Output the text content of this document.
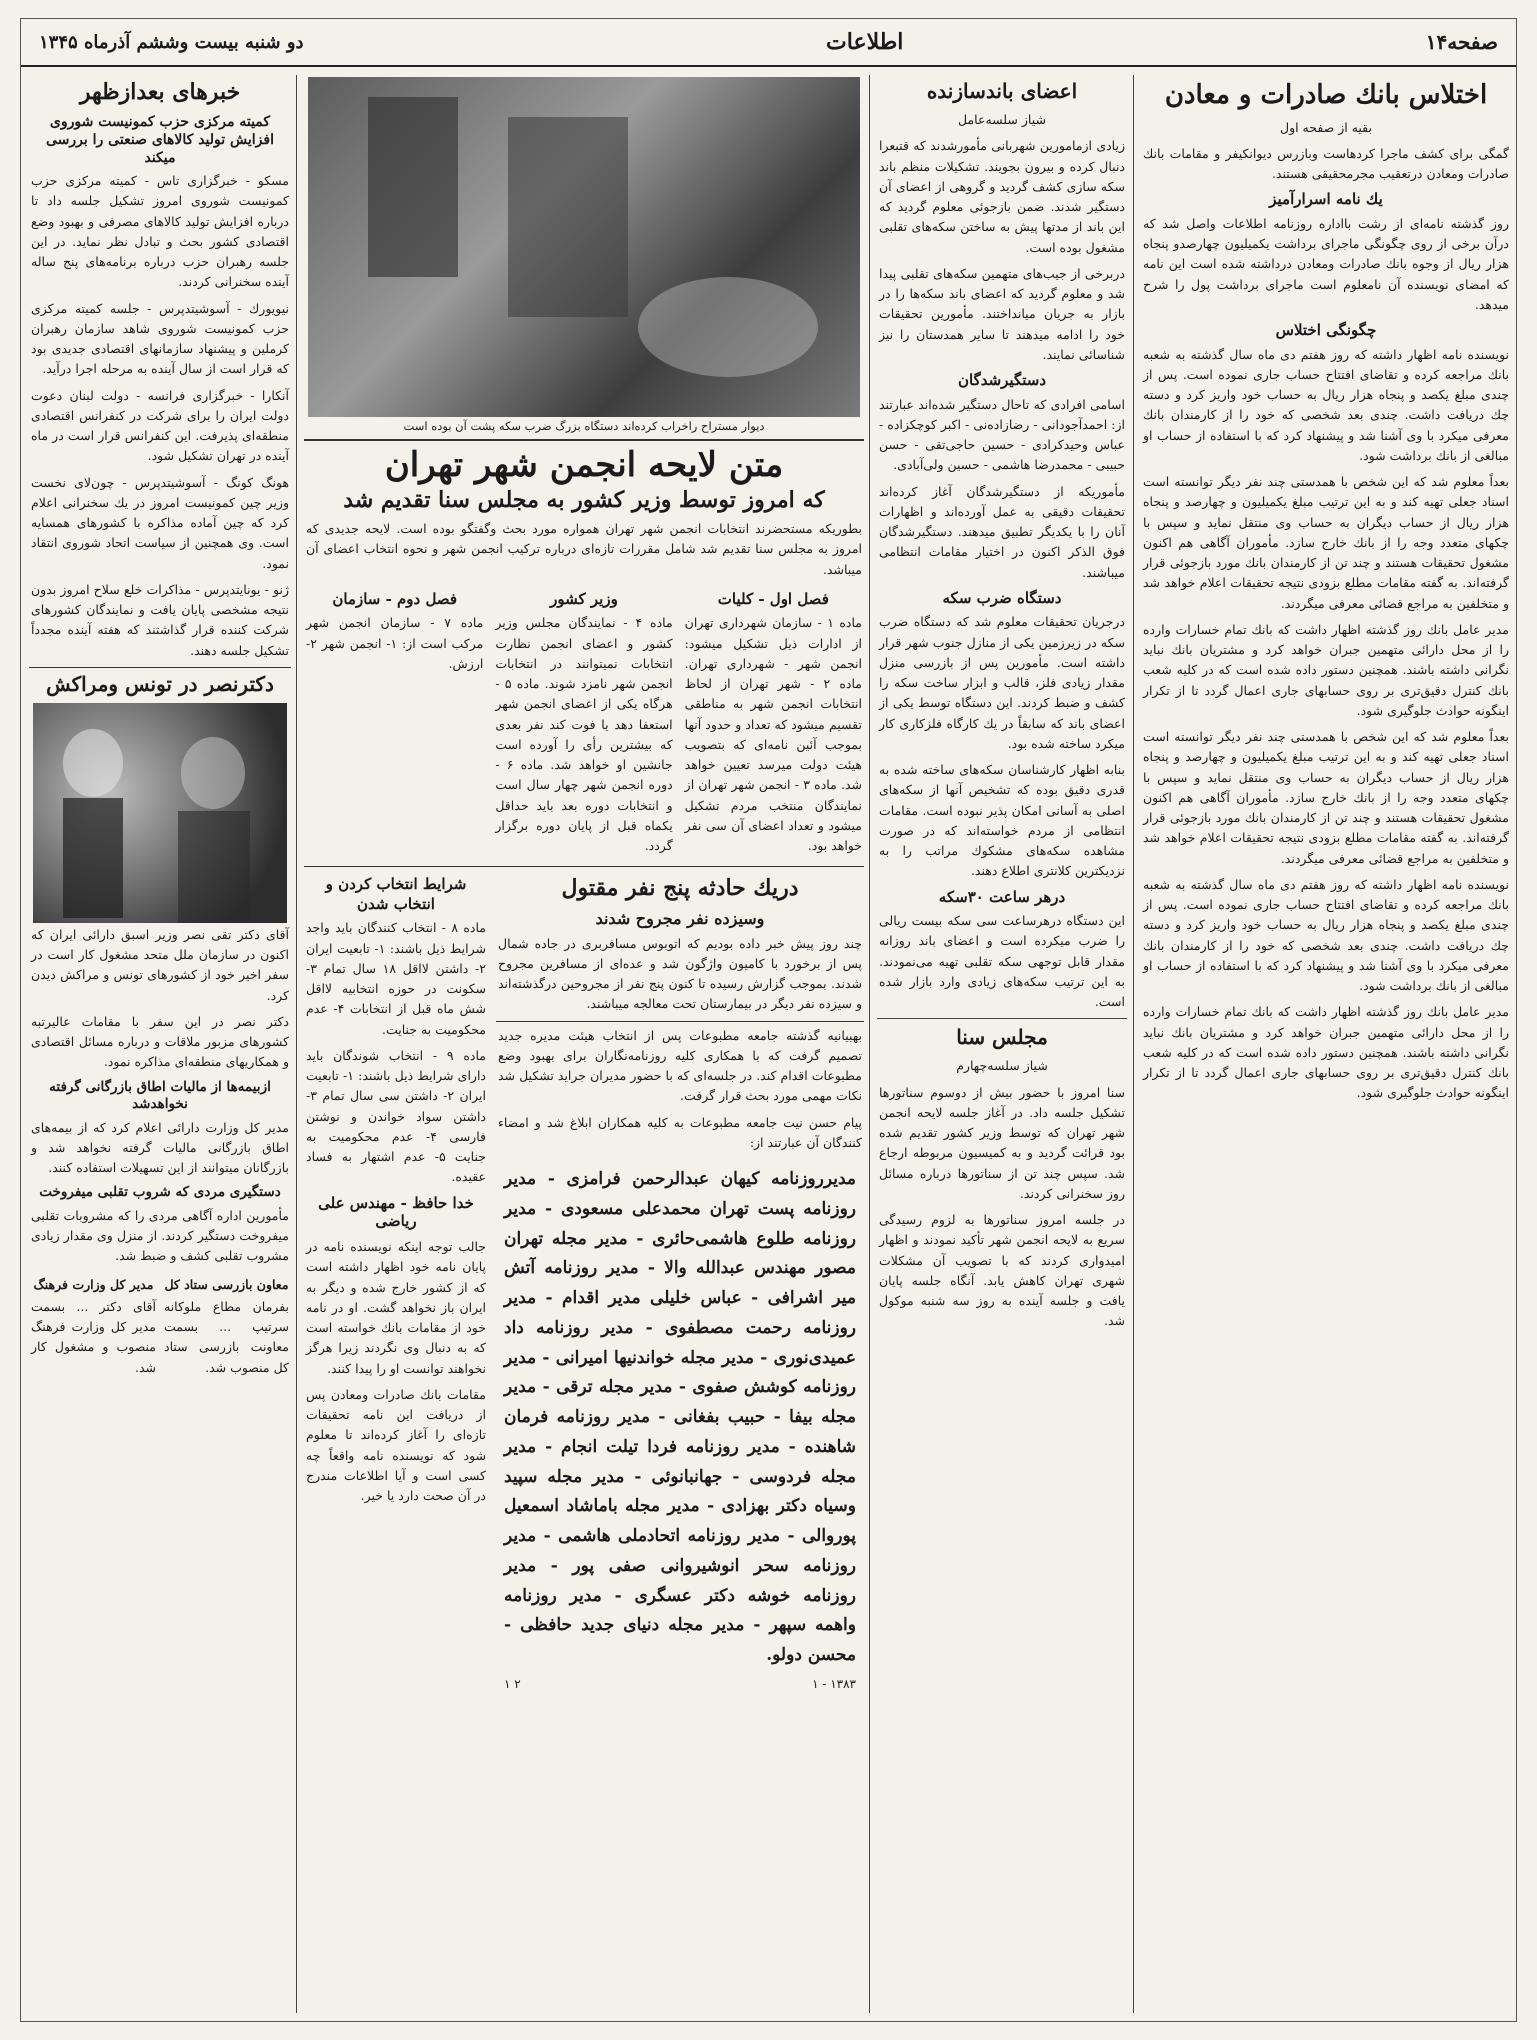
صفحه۱۴
اطلاعات
دو شنبه بیست وششم آذرماه ۱۳۴۵
اختلاس بانك صادرات و معادن
بقیه از صفحه اول
گمگی برای کشف ماجرا کردهاست وبازرس دیوانکیفر و مقامات بانك صادرات ومعادن درتعقیب مجرمحقیقی هستند.
یك نامه اسرارآمیز
روز گذشته نامه‌ای از رشت بااداره روزنامه اطلاعات واصل شد که درآن برخی از روی چگونگی ماجرای برداشت یکمیلیون چهارصدو پنجاه هزار ریال از وجوه بانك صادرات ومعادن درداشته شده است این نامه که امضای نویسنده آن نامعلوم است ماجرای برداشت پول را شرح میدهد.
چگونگی اختلاس
نویسنده نامه اظهار داشته که روز هفتم دی ماه سال گذشته به شعبه بانك مراجعه کرده و تقاضای افتتاح حساب جاری نموده است. پس از چندی مبلغ یکصد و پنجاه هزار ریال به حساب خود واریز کرد و دسته چك دریافت داشت. چندی بعد شخصی که خود را از کارمندان بانك معرفی میکرد با وی آشنا شد و پیشنهاد کرد که با استفاده از حساب او مبالغی از بانك برداشت شود.
بعداً معلوم شد که این شخص با همدستی چند نفر دیگر توانسته است اسناد جعلی تهیه کند و به این ترتیب مبلغ یکمیلیون و چهارصد و پنجاه هزار ریال از حساب دیگران به حساب وی منتقل نماید و سپس با چکهای متعدد وجه را از بانك خارج سازد. مأموران آگاهی هم اکنون مشغول تحقیقات هستند و چند تن از کارمندان بانك مورد بازجوئی قرار گرفته‌اند. به گفته مقامات مطلع بزودی نتیجه تحقیقات اعلام خواهد شد و متخلفین به مراجع قضائی معرفی میگردند.
مدیر عامل بانك روز گذشته اظهار داشت که بانك تمام خسارات وارده را از محل دارائی متهمین جبران خواهد کرد و مشتریان بانك نباید نگرانی داشته باشند. همچنین دستور داده شده است که در کلیه شعب بانك کنترل دقیق‌تری بر روی حسابهای جاری اعمال گردد تا از تکرار اینگونه حوادث جلوگیری شود.
بعداً معلوم شد که این شخص با همدستی چند نفر دیگر توانسته است اسناد جعلی تهیه کند و به این ترتیب مبلغ یکمیلیون و چهارصد و پنجاه هزار ریال از حساب دیگران به حساب وی منتقل نماید و سپس با چکهای متعدد وجه را از بانك خارج سازد. مأموران آگاهی هم اکنون مشغول تحقیقات هستند و چند تن از کارمندان بانك مورد بازجوئی قرار گرفته‌اند. به گفته مقامات مطلع بزودی نتیجه تحقیقات اعلام خواهد شد و متخلفین به مراجع قضائی معرفی میگردند.
نویسنده نامه اظهار داشته که روز هفتم دی ماه سال گذشته به شعبه بانك مراجعه کرده و تقاضای افتتاح حساب جاری نموده است. پس از چندی مبلغ یکصد و پنجاه هزار ریال به حساب خود واریز کرد و دسته چك دریافت داشت. چندی بعد شخصی که خود را از کارمندان بانك معرفی میکرد با وی آشنا شد و پیشنهاد کرد که با استفاده از حساب او مبالغی از بانك برداشت شود.
مدیر عامل بانك روز گذشته اظهار داشت که بانك تمام خسارات وارده را از محل دارائی متهمین جبران خواهد کرد و مشتریان بانك نباید نگرانی داشته باشند. همچنین دستور داده شده است که در کلیه شعب بانك کنترل دقیق‌تری بر روی حسابهای جاری اعمال گردد تا از تکرار اینگونه حوادث جلوگیری شود.
اعضای باندسازنده
شیاز سلسه‌عامل
زیادی ازمامورین شهربانی مأمورشدند که قتبعرا دنبال کرده و بیرون بجویند. تشکیلات منظم باند سکه سازی کشف گردید و گروهی از اعضای آن دستگیر شدند. ضمن بازجوئی معلوم گردید که این باند از مدتها پیش به ساختن سکه‌های تقلبی مشغول بوده است.
دربرخی از جیب‌های متهمین سکه‌های تقلبی پیدا شد و معلوم گردید که اعضای باند سکه‌ها را در بازار به جریان میانداختند. مأمورین تحقیقات خود را ادامه میدهند تا سایر همدستان را نیز شناسائی نمایند.
دستگیرشدگان
اسامی افرادی که تاحال دستگیر شده‌اند عبارتند از: احمدآجودانی - رضازاده‌نی - اکبر کوچکزاده - عباس وحیدکرادی - حسین حاجی‌تقی - حسن حبیبی - محمدرضا هاشمی - حسین ولی‌آبادی.
مأموریکه از دستگیرشدگان آغاز کرده‌اند تحقیقات دقیقی به عمل آورده‌اند و اظهارات آنان را با یکدیگر تطبیق میدهند. دستگیرشدگان فوق الذکر اکنون در اختیار مقامات انتظامی میباشند.
دستگاه ضرب سکه
درجریان تحقیقات معلوم شد که دستگاه ضرب سکه در زیرزمین یکی از منازل جنوب شهر قرار داشته است. مأمورین پس از بازرسی منزل مقدار زیادی فلز، قالب و ابزار ساخت سکه را کشف و ضبط کردند. این دستگاه توسط یکی از اعضای باند که سابقاً در یك کارگاه فلزکاری کار میکرد ساخته شده بود.
بنابه اظهار کارشناسان سکه‌های ساخته شده به قدری دقیق بوده که تشخیص آنها از سکه‌های اصلی به آسانی امکان پذیر نبوده است. مقامات انتظامی از مردم خواسته‌اند که در صورت مشاهده سکه‌های مشکوك مراتب را به نزدیکترین کلانتری اطلاع دهند.
درهر ساعت ۳۰سکه
این دستگاه درهرساعت سی سکه بیست ریالی را ضرب میکرده است و اعضای باند روزانه مقدار قابل توجهی سکه تقلبی تهیه می‌نمودند. به این ترتیب سکه‌های زیادی وارد بازار شده است.
مجلس سنا
شیاز سلسه‌چهارم
سنا امروز با حضور بیش از دوسوم سناتورها تشکیل جلسه داد. در آغاز جلسه لایحه انجمن شهر تهران که توسط وزیر کشور تقدیم شده بود قرائت گردید و به کمیسیون مربوطه ارجاع شد. سپس چند تن از سناتورها درباره مسائل روز سخنرانی کردند.
در جلسه امروز سناتورها به لزوم رسیدگی سریع به لایحه انجمن شهر تأکید نمودند و اظهار امیدواری کردند که با تصویب آن مشکلات شهری تهران کاهش یابد. آنگاه جلسه پایان یافت و جلسه آینده به روز سه شنبه موکول شد.
دیوار مستراح راخراب کرده‌اند دستگاه بزرگ ضرب سکه پشت آن بوده است
متن لایحه انجمن شهر تهران
که امروز توسط وزیر کشور به مجلس سنا تقدیم شد
بطوریکه مستحضرند انتخابات انجمن شهر تهران همواره مورد بحث وگفتگو بوده است. لایحه جدیدی که امروز به مجلس سنا تقدیم شد شامل مقررات تازه‌ای درباره ترکیب انجمن شهر و نحوه انتخاب اعضای آن میباشد.
فصل اول - کلیات
ماده ۱ - سازمان شهرداری تهران از ادارات ذیل تشکیل میشود: انجمن شهر - شهرداری تهران. ماده ۲ - شهر تهران از لحاظ انتخابات انجمن شهر به مناطقی تقسیم میشود که تعداد و حدود آنها بموجب آئین نامه‌ای که بتصویب هیئت دولت میرسد تعیین خواهد شد. ماده ۳ - انجمن شهر تهران از نمایندگان منتخب مردم تشکیل میشود و تعداد اعضای آن سی نفر خواهد بود.
وزیر کشور
ماده ۴ - نمایندگان مجلس وزیر کشور و اعضای انجمن نظارت انتخابات نمیتوانند در انتخابات انجمن شهر نامزد شوند. ماده ۵ - هرگاه یکی از اعضای انجمن شهر استعفا دهد یا فوت کند نفر بعدی که بیشترین رأی را آورده است جانشین او خواهد شد. ماده ۶ - دوره انجمن شهر چهار سال است و انتخابات دوره بعد باید حداقل یکماه قبل از پایان دوره برگزار گردد.
فصل دوم - سازمان
ماده ۷ - سازمان انجمن شهر مرکب است از: ۱- انجمن شهر ۲- ارزش.
دریك حادثه پنج نفر مقتول
وسیزده نفر مجروح شدند
چند روز پیش خبر داده بودیم که اتوبوس مسافربری در جاده شمال پس از برخورد با کامیون واژگون شد و عده‌ای از مسافرین مجروح شدند. بموجب گزارش رسیده تا کنون پنج نفر از مجروحین درگذشته‌اند و سیزده نفر دیگر در بیمارستان تحت معالجه میباشند.
بهبیانیه گذشته جامعه مطبوعات پس از انتخاب هیئت مدیره جدید تصمیم گرفت که با همکاری کلیه روزنامه‌نگاران برای بهبود وضع مطبوعات اقدام کند. در جلسه‌ای که با حضور مدیران جراید تشکیل شد نکات مهمی مورد بحث قرار گرفت.
پیام حسن نیت جامعه مطبوعات به کلیه همکاران ابلاغ شد و امضاء کنندگان آن عبارتند از:
مدیرروزنامه کیهان عبدالرحمن فرامزی - مدیر روزنامه پست تهران محمدعلی مسعودی - مدیر روزنامه طلوع هاشمی‌حائری - مدیر مجله تهران مصور مهندس عبدالله والا - مدیر روزنامه آتش میر اشرافی - عباس خلیلی مدیر اقدام - مدیر روزنامه رحمت مصطفوی - مدیر روزنامه داد عمیدی‌نوری - مدیر مجله خواندنیها امیرانی - مدیر روزنامه کوشش صفوی - مدیر مجله ترقی - مدیر مجله بیفا - حبیب بفغانی - مدیر روزنامه فرمان شاهنده - مدیر روزنامه فردا تیلت انجام - مدیر مجله فردوسی - جهانبانوئی - مدیر مجله سپید وسیاه دکتر بهزادی - مدیر مجله باماشاد اسمعیل پوروالی - مدیر روزنامه اتحادملی هاشمی - مدیر روزنامه سحر انوشیروانی صفی پور - مدیر روزنامه خوشه دکتر عسگری - مدیر روزنامه واهمه سپهر - مدیر مجله دنیای جدید حافظی - محسن دولو.
۱۳۸۳ - ۱
۲ ۱
شرایط انتخاب کردن و انتخاب شدن
ماده ۸ - انتخاب کنندگان باید واجد شرایط ذیل باشند: ۱- تابعیت ایران ۲- داشتن لااقل ۱۸ سال تمام ۳- سکونت در حوزه انتخابیه لااقل شش ماه قبل از انتخابات ۴- عدم محکومیت به جنایت.
ماده ۹ - انتخاب شوندگان باید دارای شرایط ذیل باشند: ۱- تابعیت ایران ۲- داشتن سی سال تمام ۳- داشتن سواد خواندن و نوشتن فارسی ۴- عدم محکومیت به جنایت ۵- عدم اشتهار به فساد عقیده.
خدا حافظ - مهندس علی ریاضی
جالب توجه اینکه نویسنده نامه در پایان نامه خود اظهار داشته است که از کشور خارج شده و دیگر به ایران باز نخواهد گشت. او در نامه خود از مقامات بانك خواسته است که به دنبال وی نگردند زیرا هرگز نخواهند توانست او را پیدا کنند.
مقامات بانك صادرات ومعادن پس از دریافت این نامه تحقیقات تازه‌ای را آغاز کرده‌اند تا معلوم شود که نویسنده نامه واقعاً چه کسی است و آیا اطلاعات مندرج در آن صحت دارد یا خیر.
خبرهای بعدازظهر
کمیته مرکزی حزب کمونیست شوروی افزایش تولید کالاهای صنعتی را بررسی میکند
مسکو - خبرگزاری تاس - کمیته مرکزی حزب کمونیست شوروی امروز تشکیل جلسه داد تا درباره افزایش تولید کالاهای مصرفی و بهبود وضع اقتصادی کشور بحث و تبادل نظر نماید. در این جلسه رهبران حزب درباره برنامه‌های پنج ساله آینده سخنرانی کردند.
نیویورك - آسوشیتدپرس - جلسه کمیته مرکزی حزب کمونیست شوروی شاهد سازمان رهبران کرملین و پیشنهاد سازمانهای اقتصادی جدیدی بود که قرار است از سال آینده به مرحله اجرا درآید.
آنکارا - خبرگزاری فرانسه - دولت لبنان دعوت دولت ایران را برای شرکت در کنفرانس اقتصادی منطقه‌ای پذیرفت. این کنفرانس قرار است در ماه آینده در تهران تشکیل شود.
هونگ کونگ - آسوشیتدپرس - چون‌لای نخست وزیر چین کمونیست امروز در یك سخنرانی اعلام کرد که چین آماده مذاکره با کشورهای همسایه است. وی همچنین از سیاست اتحاد شوروی انتقاد نمود.
ژنو - یونایتدپرس - مذاکرات خلع سلاح امروز بدون نتیجه مشخصی پایان یافت و نمایندگان کشورهای شرکت کننده قرار گذاشتند که هفته آینده مجدداً تشکیل جلسه دهند.
دکترنصر در تونس ومراکش
آقای دکتر تقی نصر وزیر اسبق دارائی ایران که اکنون در سازمان ملل متحد مشغول کار است در سفر اخیر خود از کشورهای تونس و مراکش دیدن کرد.
دکتر نصر در این سفر با مقامات عالیرتبه کشورهای مزبور ملاقات و درباره مسائل اقتصادی و همکاریهای منطقه‌ای مذاکره نمود.
ازبیمه‌ها از مالیات اطاق بازرگانی گرفته نخواهدشد
مدیر کل وزارت دارائی اعلام کرد که از بیمه‌های اطاق بازرگانی مالیات گرفته نخواهد شد و بازرگانان میتوانند از این تسهیلات استفاده کنند.
دستگیری مردی که شروب تقلبی میفروخت
مأمورین اداره آگاهی مردی را که مشروبات تقلبی میفروخت دستگیر کردند. از منزل وی مقدار زیادی مشروب تقلبی کشف و ضبط شد.
معاون بازرسی ستاد کل
بفرمان مطاع ملوکانه سرتیپ ... بسمت معاونت بازرسی ستاد کل منصوب شد.
مدیر کل وزارت فرهنگ
آقای دکتر ... بسمت مدیر کل وزارت فرهنگ منصوب و مشغول کار شد.
